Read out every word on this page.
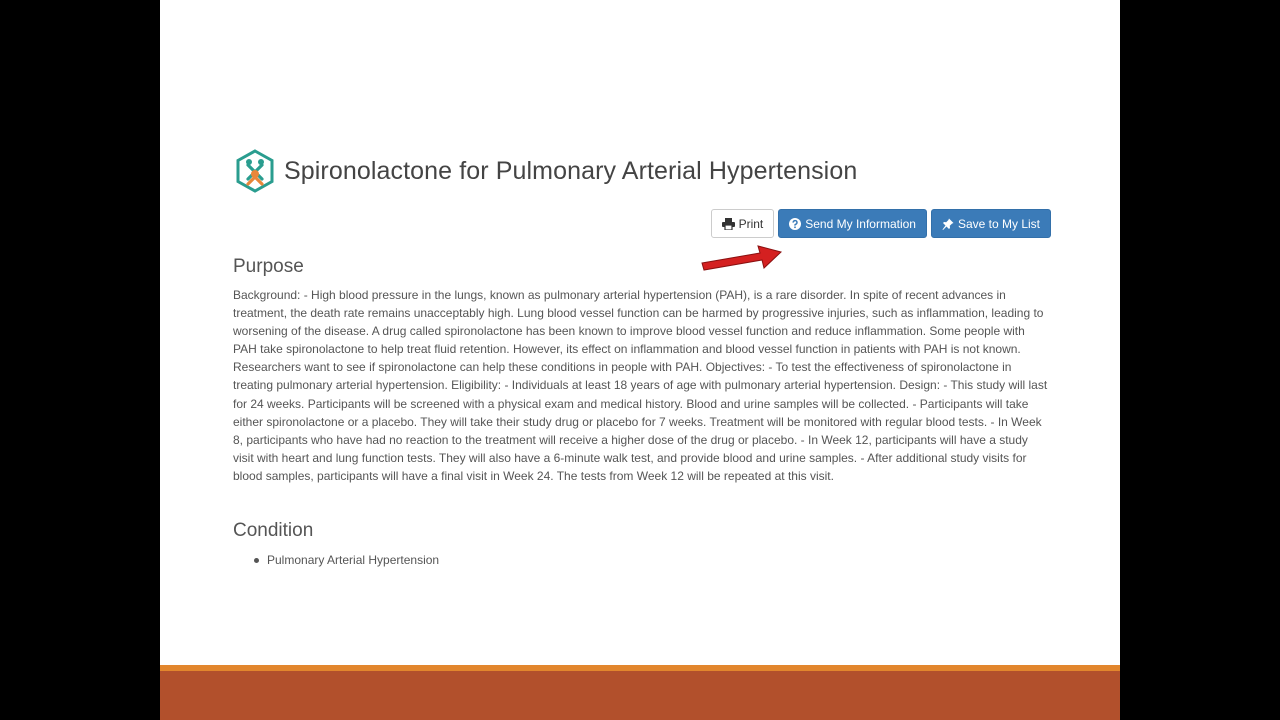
Spironolactone for Pulmonary Arterial Hypertension
Print	Send My Information	Save to My List
Purpose

Background: - High blood pressure in the lungs, known as pulmonary arterial hypertension (PAH), is a rare disorder. In spite of recent advances in treatment, the death rate remains unacceptably high. Lung blood vessel function can be harmed by progressive injuries, such as inflammation, leading to worsening of the disease. A drug called spironolactone has been known to improve blood vessel function and reduce inflammation. Some people with PAH take spironolactone to help treat fluid retention. However, its effect on inflammation and blood vessel function in patients with PAH is not known. Researchers want to see if spironolactone can help these conditions in people with PAH. Objectives: - To test the effectiveness of spironolactone in treating pulmonary arterial hypertension. Eligibility: - Individuals at least 18 years of age with pulmonary arterial hypertension. Design: - This study will last for 24 weeks. Participants will be screened with a physical exam and medical history. Blood and urine samples will be collected. - Participants will take either spironolactone or a placebo. They will take their study drug or placebo for 7 weeks. Treatment will be monitored with regular blood tests. - In Week 8, participants who have had no reaction to the treatment will receive a higher dose of the drug or placebo. - In Week 12, participants will have a study visit with heart and lung function tests. They will also have a 6-minute walk test, and provide blood and urine samples. - After additional study visits for blood samples, participants will have a final visit in Week 24. The tests from Week 12 will be repeated at this visit.

Condition
Pulmonary Arterial Hypertension
